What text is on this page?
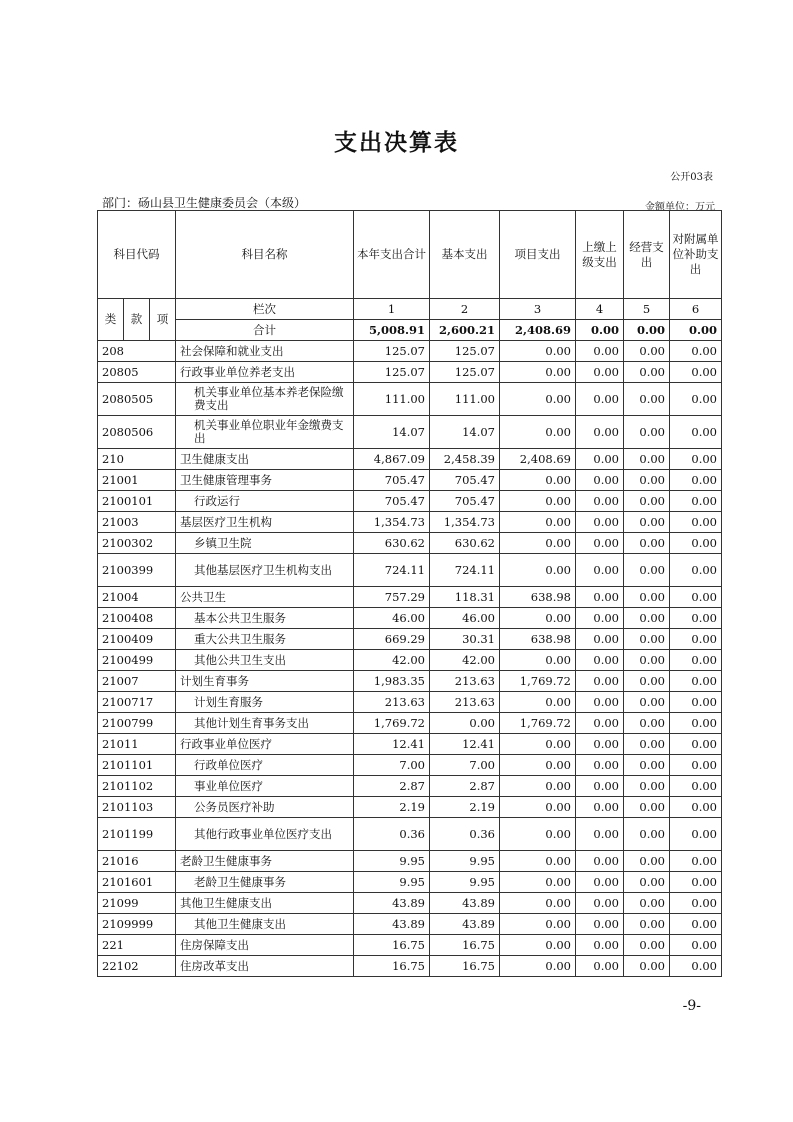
支出决算表
公开03表
部门：砀山县卫生健康委员会（本级）	金额单位：万元
科目代码			科目名称	本年支出合计	基本支出	项目支出	上缴上级支出	经营支出	对附属单位补助支出
类	款	项	栏次	1	2	3	4	5	6
			合计	5,008.91	2,600.21	2,408.69	0.00	0.00	0.00
208			社会保障和就业支出	125.07	125.07	0.00	0.00	0.00	0.00
20805			行政事业单位养老支出	125.07	125.07	0.00	0.00	0.00	0.00
2080505			机关事业单位基本养老保险缴费支出	111.00	111.00	0.00	0.00	0.00	0.00
2080506			机关事业单位职业年金缴费支出	14.07	14.07	0.00	0.00	0.00	0.00
210			卫生健康支出	4,867.09	2,458.39	2,408.69	0.00	0.00	0.00
21001			卫生健康管理事务	705.47	705.47	0.00	0.00	0.00	0.00
2100101			行政运行	705.47	705.47	0.00	0.00	0.00	0.00
21003			基层医疗卫生机构	1,354.73	1,354.73	0.00	0.00	0.00	0.00
2100302			乡镇卫生院	630.62	630.62	0.00	0.00	0.00	0.00
2100399			其他基层医疗卫生机构支出	724.11	724.11	0.00	0.00	0.00	0.00
21004			公共卫生	757.29	118.31	638.98	0.00	0.00	0.00
2100408			基本公共卫生服务	46.00	46.00	0.00	0.00	0.00	0.00
2100409			重大公共卫生服务	669.29	30.31	638.98	0.00	0.00	0.00
2100499			其他公共卫生支出	42.00	42.00	0.00	0.00	0.00	0.00
21007			计划生育事务	1,983.35	213.63	1,769.72	0.00	0.00	0.00
2100717			计划生育服务	213.63	213.63	0.00	0.00	0.00	0.00
2100799			其他计划生育事务支出	1,769.72	0.00	1,769.72	0.00	0.00	0.00
21011			行政事业单位医疗	12.41	12.41	0.00	0.00	0.00	0.00
2101101			行政单位医疗	7.00	7.00	0.00	0.00	0.00	0.00
2101102			事业单位医疗	2.87	2.87	0.00	0.00	0.00	0.00
2101103			公务员医疗补助	2.19	2.19	0.00	0.00	0.00	0.00
2101199			其他行政事业单位医疗支出	0.36	0.36	0.00	0.00	0.00	0.00
21016			老龄卫生健康事务	9.95	9.95	0.00	0.00	0.00	0.00
2101601			老龄卫生健康事务	9.95	9.95	0.00	0.00	0.00	0.00
21099			其他卫生健康支出	43.89	43.89	0.00	0.00	0.00	0.00
2109999			其他卫生健康支出	43.89	43.89	0.00	0.00	0.00	0.00
221			住房保障支出	16.75	16.75	0.00	0.00	0.00	0.00
22102			住房改革支出	16.75	16.75	0.00	0.00	0.00	0.00
-9-
